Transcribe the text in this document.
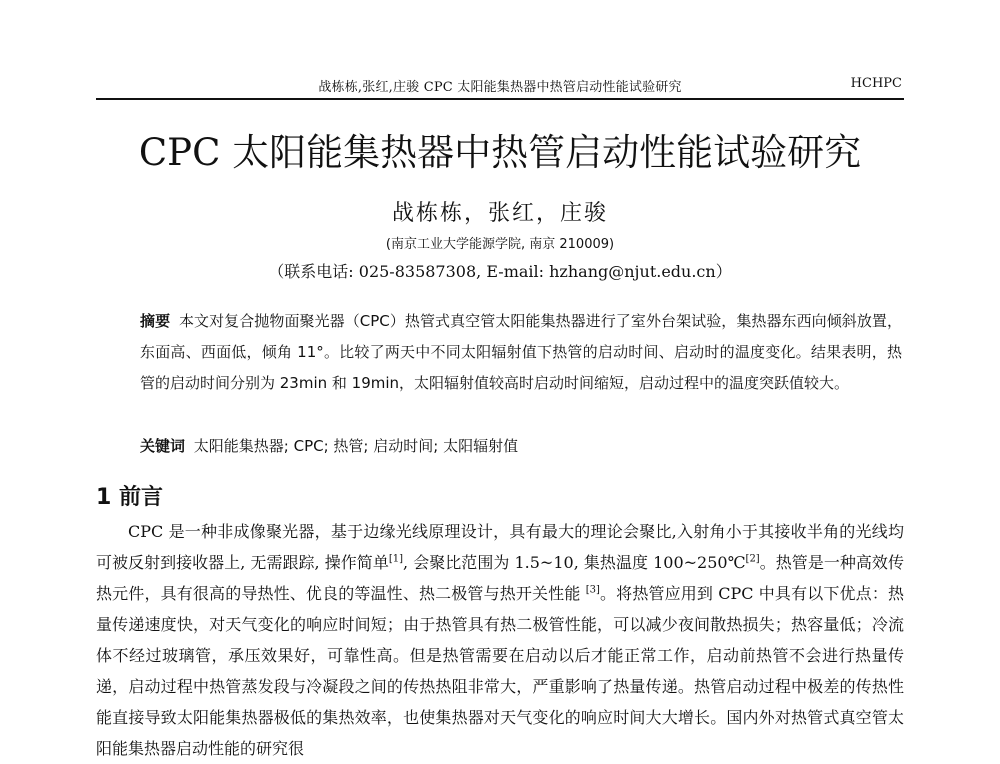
战栋栋,张红,庄骏 CPC 太阳能集热器中热管启动性能试验研究	HCHPC
CPC 太阳能集热器中热管启动性能试验研究
战栋栋，张红，庄骏
(南京工业大学能源学院, 南京 210009)
（联系电话: 025-83587308, E-mail: hzhang@njut.edu.cn）
摘要 本文对复合抛物面聚光器（CPC）热管式真空管太阳能集热器进行了室外台架试验，集热器东西向倾斜放置，东面高、西面低，倾角 11°。比较了两天中不同太阳辐射值下热管的启动时间、启动时的温度变化。结果表明，热管的启动时间分别为 23min 和 19min，太阳辐射值较高时启动时间缩短，启动过程中的温度突跃值较大。
关键词 太阳能集热器; CPC; 热管; 启动时间; 太阳辐射值
1 前言

CPC 是一种非成像聚光器，基于边缘光线原理设计，具有最大的理论会聚比,入射角小于其接收半角的光线均可被反射到接收器上, 无需跟踪, 操作简单[1], 会聚比范围为 1.5~10, 集热温度 100~250℃[2]。热管是一种高效传热元件，具有很高的导热性、优良的等温性、热二极管与热开关性能 [3]。将热管应用到 CPC 中具有以下优点：热量传递速度快，对天气变化的响应时间短；由于热管具有热二极管性能，可以减少夜间散热损失；热容量低；冷流体不经过玻璃管，承压效果好，可靠性高。但是热管需要在启动以后才能正常工作，启动前热管不会进行热量传递，启动过程中热管蒸发段与冷凝段之间的传热热阻非常大，严重影响了热量传递。热管启动过程中极差的传热性能直接导致太阳能集热器极低的集热效率，也使集热器对天气变化的响应时间大大增长。国内外对热管式真空管太阳能集热器启动性能的研究很
